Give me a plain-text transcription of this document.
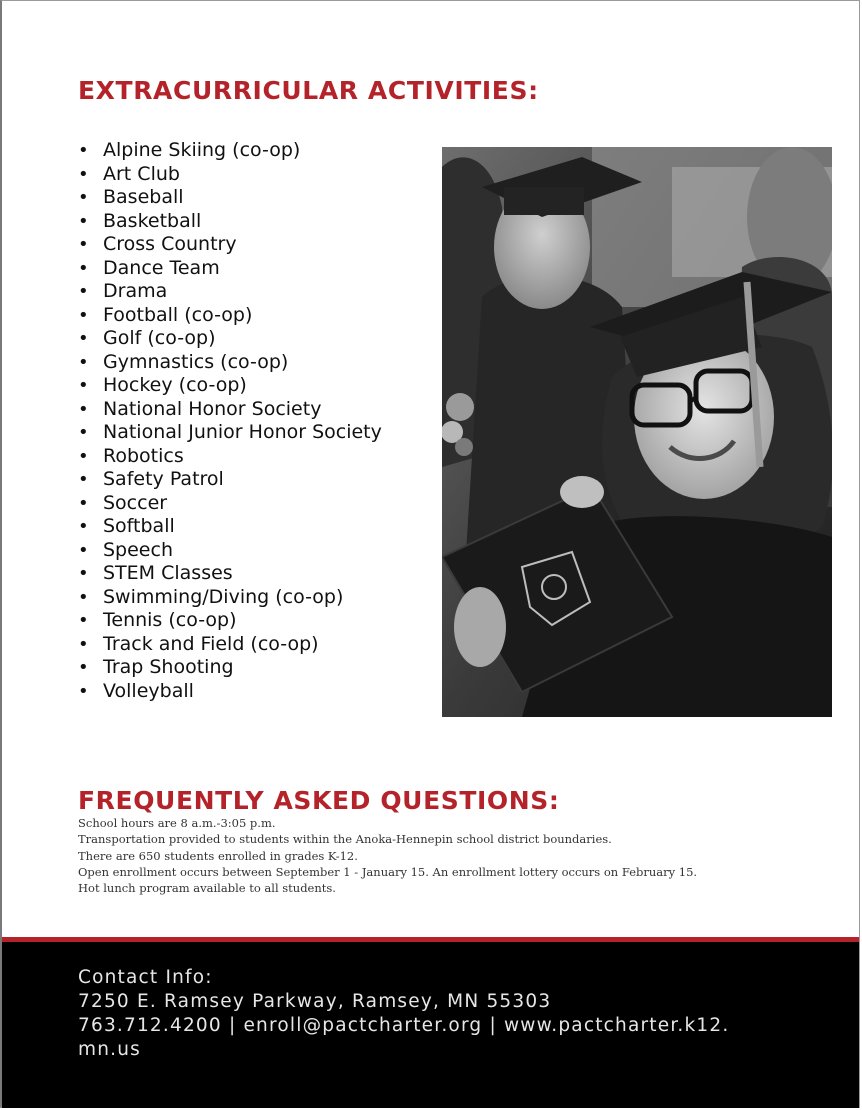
EXTRACURRICULAR ACTIVITIES:
• Alpine Skiing (co-op)
• Art Club
• Baseball
• Basketball
• Cross Country
• Dance Team
• Drama
• Football (co-op)
• Golf (co-op)
• Gymnastics (co-op)
• Hockey (co-op)
• National Honor Society
• National Junior Honor Society
• Robotics
• Safety Patrol
• Soccer
• Softball
• Speech
• STEM Classes
• Swimming/Diving (co-op)
• Tennis (co-op)
• Track and Field (co-op)
• Trap Shooting
• Volleyball
FREQUENTLY ASKED QUESTIONS:
School hours are 8 a.m.-3:05 p.m.
Transportation provided to students within the Anoka-Hennepin school district boundaries.
There are 650 students enrolled in grades K-12.
Open enrollment occurs between September 1 - January 15. An enrollment lottery occurs on February 15.
Hot lunch program available to all students.
Contact Info:
7250 E. Ramsey Parkway, Ramsey, MN 55303
763.712.4200 | enroll@pactcharter.org | www.pactcharter.k12.
mn.us
